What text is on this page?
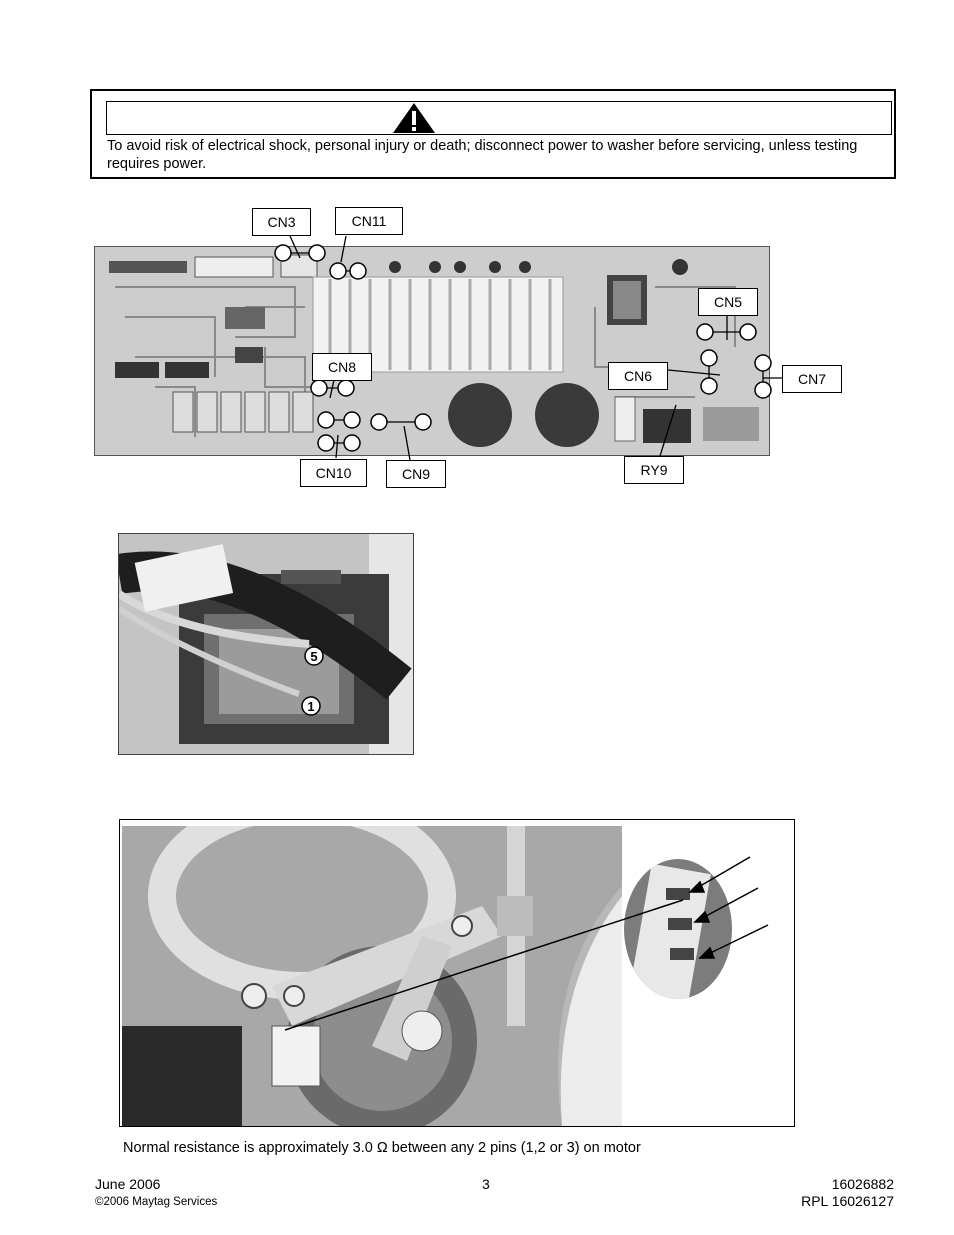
To avoid risk of electrical shock, personal injury or death; disconnect power to washer before servicing, unless testing requires power.
CN3	CN11
CN5
CN8
CN6	CN7
CN10	CN9	RY9
5
1
Normal resistance is approximately 3.0 Ω between any 2 pins (1,2 or 3) on motor
June 2006
©2006 Maytag Services
3	16026882
RPL 16026127
